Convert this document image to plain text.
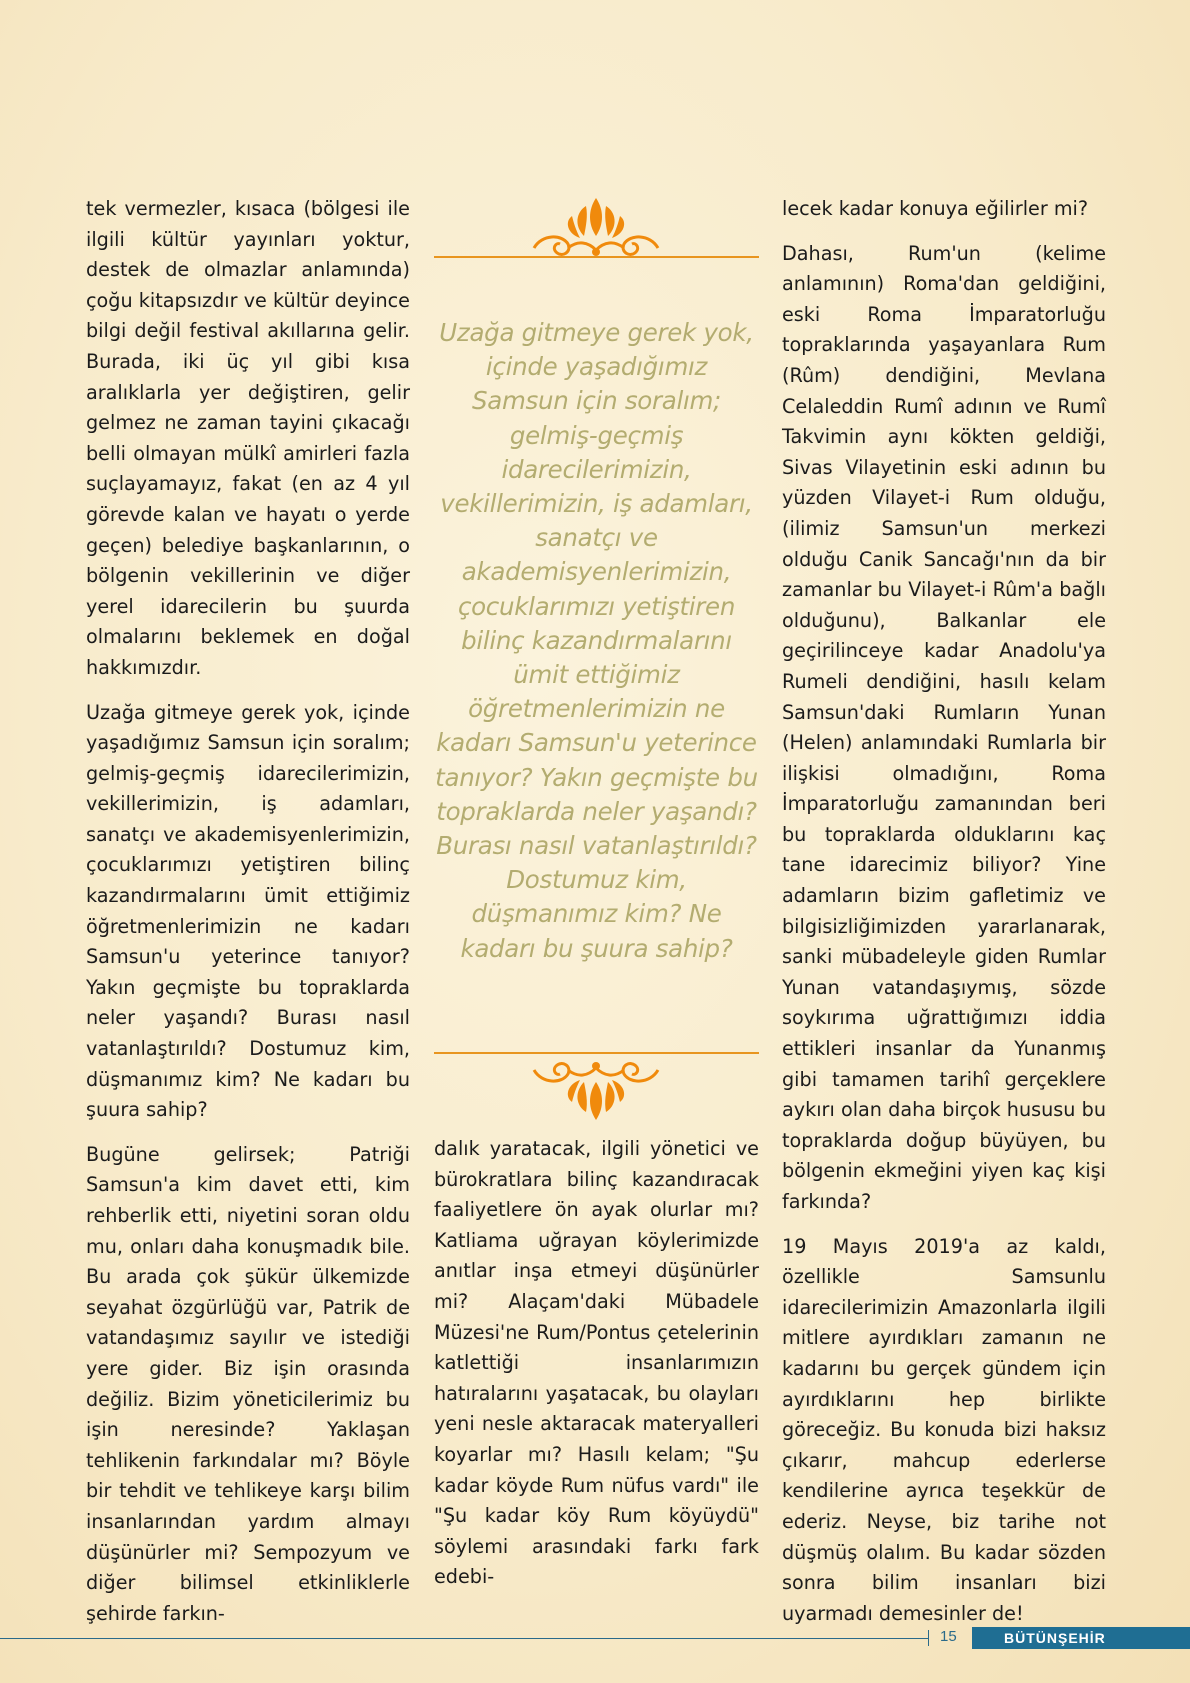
tek vermezler, kısaca (bölgesi ile ilgili kültür yayınları yoktur, destek de olmazlar anlamında) çoğu kitapsızdır ve kültür deyince bilgi değil festival akıllarına gelir. Burada, iki üç yıl gibi kısa aralıklarla yer değiştiren, gelir gelmez ne zaman tayini çıkacağı belli olmayan mülkî amirleri fazla suçlayamayız, fakat (en az 4 yıl görevde kalan ve hayatı o yerde geçen) belediye başkanlarının, o bölgenin vekillerinin ve diğer yerel idarecilerin bu şuurda olmalarını beklemek en doğal hakkımızdır.

Uzağa gitmeye gerek yok, içinde yaşadığımız Samsun için soralım; gelmiş-geçmiş idarecilerimizin, vekillerimizin, iş adamları, sanatçı ve akademisyenlerimizin, çocuklarımızı yetiştiren bilinç kazandırmalarını ümit ettiğimiz öğretmenlerimizin ne kadarı Samsun'u yeterince tanıyor? Yakın geçmişte bu topraklarda neler yaşandı? Burası nasıl vatanlaştırıldı? Dostumuz kim, düşmanımız kim? Ne kadarı bu şuura sahip?

Bugüne gelirsek; Patriği Samsun'a kim davet etti, kim rehberlik etti, niyetini soran oldu mu, onları daha konuşmadık bile. Bu arada çok şükür ülkemizde seyahat özgürlüğü var, Patrik de vatandaşımız sayılır ve istediği yere gider. Biz işin orasında değiliz. Bizim yöneticilerimiz bu işin neresinde? Yaklaşan tehlikenin farkındalar mı? Böyle bir tehdit ve tehlikeye karşı bilim insanlarından yardım almayı düşünürler mi? Sempozyum ve diğer bilimsel etkinliklerle şehirde farkın-

Uzağa gitmeye gerek yok, içinde yaşadığımız Samsun için soralım; gelmiş-geçmiş idarecilerimizin, vekillerimizin, iş adamları, sanatçı ve akademisyenlerimizin, çocuklarımızı yetiştiren bilinç kazandırmalarını ümit ettiğimiz öğretmenlerimizin ne kadarı Samsun'u yeterince tanıyor? Yakın geçmişte bu topraklarda neler yaşandı? Burası nasıl vatanlaştırıldı? Dostumuz kim, düşmanımız kim? Ne kadarı bu şuura sahip?

dalık yaratacak, ilgili yönetici ve bürokratlara bilinç kazandıracak faaliyetlere ön ayak olurlar mı? Katliama uğrayan köylerimizde anıtlar inşa etmeyi düşünürler mi? Alaçam'daki Mübadele Müzesi'ne Rum/Pontus çetelerinin katlettiği insanlarımızın hatıralarını yaşatacak, bu olayları yeni nesle aktaracak materyalleri koyarlar mı? Hasılı kelam; "Şu kadar köyde Rum nüfus vardı" ile "Şu kadar köy Rum köyüydü" söylemi arasındaki farkı fark edebi-

lecek kadar konuya eğilirler mi?

Dahası, Rum'un (kelime anlamının) Roma'dan geldiğini, eski Roma İmparatorluğu topraklarında yaşayanlara Rum (Rûm) dendiğini, Mevlana Celaleddin Rumî adının ve Rumî Takvimin aynı kökten geldiği, Sivas Vilayetinin eski adının bu yüzden Vilayet-i Rum olduğu, (ilimiz Samsun'un merkezi olduğu Canik Sancağı'nın da bir zamanlar bu Vilayet-i Rûm'a bağlı olduğunu), Balkanlar ele geçirilinceye kadar Anadolu'ya Rumeli dendiğini, hasılı kelam Samsun'daki Rumların Yunan (Helen) anlamındaki Rumlarla bir ilişkisi olmadığını, Roma İmparatorluğu zamanından beri bu topraklarda olduklarını kaç tane idarecimiz biliyor? Yine adamların bizim gafletimiz ve bilgisizliğimizden yararlanarak, sanki mübadeleyle giden Rumlar Yunan vatandaşıymış, sözde soykırıma uğrattığımızı iddia ettikleri insanlar da Yunanmış gibi tamamen tarihî gerçeklere aykırı olan daha birçok hususu bu topraklarda doğup büyüyen, bu bölgenin ekmeğini yiyen kaç kişi farkında?

19 Mayıs 2019'a az kaldı, özellikle Samsunlu idarecilerimizin Amazonlarla ilgili mitlere ayırdıkları zamanın ne kadarını bu gerçek gündem için ayırdıklarını hep birlikte göreceğiz. Bu konuda bizi haksız çıkarır, mahcup ederlerse kendilerine ayrıca teşekkür de ederiz. Neyse, biz tarihe not düşmüş olalım. Bu kadar sözden sonra bilim insanları bizi uyarmadı demesinler de!

15	BÜTÜNŞEHİR
